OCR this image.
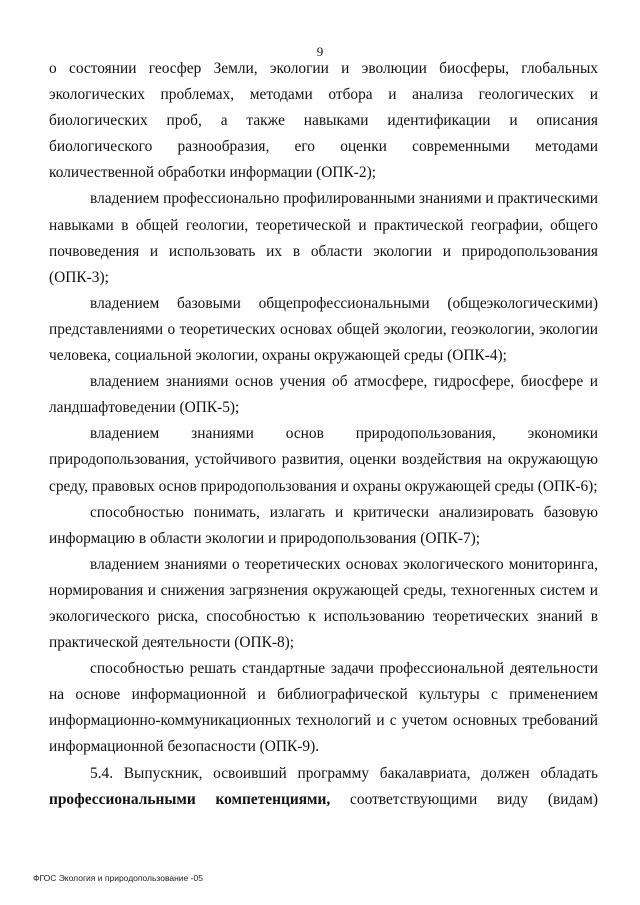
9

о состоянии геосфер Земли, экологии и эволюции биосферы, глобальных экологических проблемах, методами отбора и анализа геологических и биологических проб, а также навыками идентификации и описания биологического разнообразия, его оценки современными методами количественной обработки информации (ОПК-2);

владением профессионально профилированными знаниями и практическими навыками в общей геологии, теоретической и практической географии, общего почвоведения и использовать их в области экологии и природопользования (ОПК-3);

владением базовыми общепрофессиональными (общеэкологическими) представлениями о теоретических основах общей экологии, геоэкологии, экологии человека, социальной экологии, охраны окружающей среды (ОПК-4);

владением знаниями основ учения об атмосфере, гидросфере, биосфере и ландшафтоведении (ОПК-5);

владением знаниями основ природопользования, экономики природопользования, устойчивого развития, оценки воздействия на окружающую среду, правовых основ природопользования и охраны окружающей среды (ОПК-6);

способностью понимать, излагать и критически анализировать базовую информацию в области экологии и природопользования (ОПК-7);

владением знаниями о теоретических основах экологического мониторинга, нормирования и снижения загрязнения окружающей среды, техногенных систем и экологического риска, способностью к использованию теоретических знаний в практической деятельности (ОПК-8);

способностью решать стандартные задачи профессиональной деятельности на основе информационной и библиографической культуры с применением информационно-коммуникационных технологий и с учетом основных требований информационной безопасности (ОПК-9).

5.4. Выпускник, освоивший программу бакалавриата, должен обладать профессиональными компетенциями, соответствующими виду (видам)

ФГОС Экология и природопользование -05
